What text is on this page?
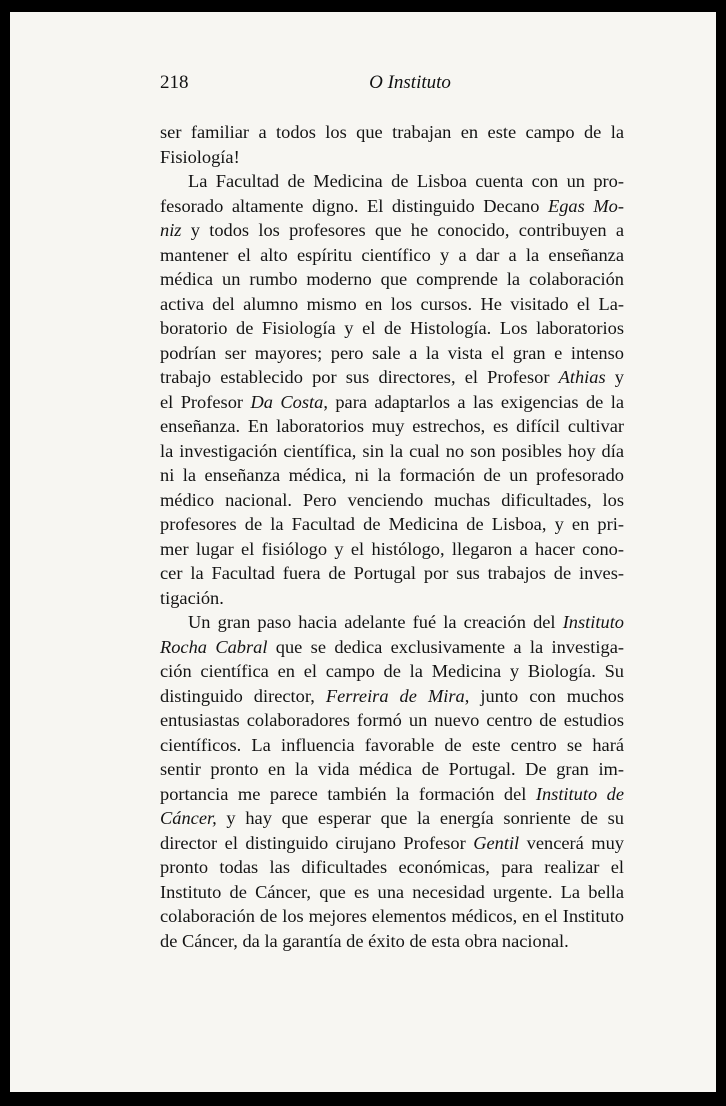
218	O Instituto
ser familiar a todos los que trabajan en este campo de la
Fisiología!
La Facultad de Medicina de Lisboa cuenta con un pro-
fesorado altamente digno. El distinguido Decano Egas Mo-
niz y todos los profesores que he conocido, contribuyen a
mantener el alto espíritu científico y a dar a la enseñanza
médica un rumbo moderno que comprende la colaboración
activa del alumno mismo en los cursos. He visitado el La-
boratorio de Fisiología y el de Histología. Los laboratorios
podrían ser mayores; pero sale a la vista el gran e intenso
trabajo establecido por sus directores, el Profesor Athias y
el Profesor Da Costa, para adaptarlos a las exigencias de la
enseñanza. En laboratorios muy estrechos, es difícil cultivar
la investigación científica, sin la cual no son posibles hoy día
ni la enseñanza médica, ni la formación de un profesorado
médico nacional. Pero venciendo muchas dificultades, los
profesores de la Facultad de Medicina de Lisboa, y en pri-
mer lugar el fisiólogo y el histólogo, llegaron a hacer cono-
cer la Facultad fuera de Portugal por sus trabajos de inves-
tigación.
Un gran paso hacia adelante fué la creación del Instituto
Rocha Cabral que se dedica exclusivamente a la investiga-
ción científica en el campo de la Medicina y Biología. Su
distinguido director, Ferreira de Mira, junto con muchos
entusiastas colaboradores formó un nuevo centro de estudios
científicos. La influencia favorable de este centro se hará
sentir pronto en la vida médica de Portugal. De gran im-
portancia me parece también la formación del Instituto de
Cáncer, y hay que esperar que la energía sonriente de su
director el distinguido cirujano Profesor Gentil vencerá muy
pronto todas las dificultades económicas, para realizar el
Instituto de Cáncer, que es una necesidad urgente. La bella
colaboración de los mejores elementos médicos, en el Instituto
de Cáncer, da la garantía de éxito de esta obra nacional.
